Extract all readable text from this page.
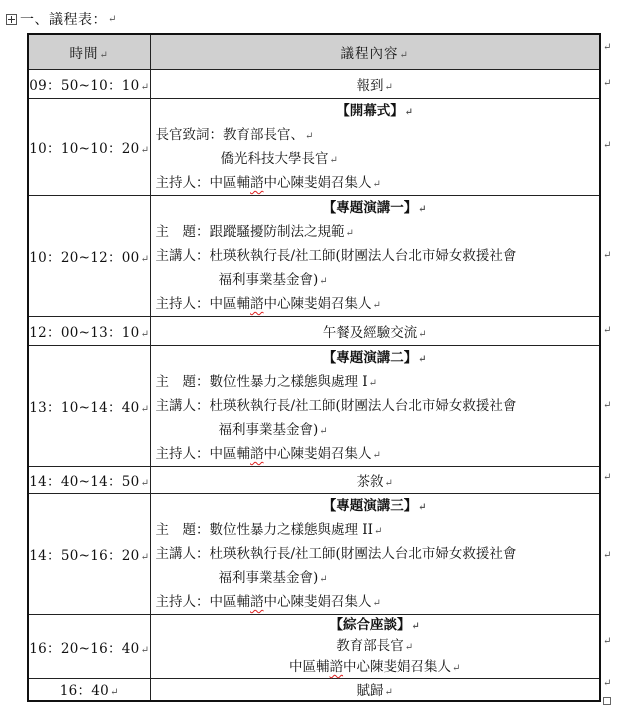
一、議程表： ↵
時間↵	議程內容↵
09：50~10：10↵	報到↵
10：10~10：20↵	【開幕式】↵
長官致詞：教育部長官、↵
僑光科技大學長官↵
主持人：中區輔諮中心陳斐娟召集人↵

10：20~12：00↵	【專題演講一】↵
主　題：跟蹤騷擾防制法之規範↵
主講人：杜瑛秋執行長/社工師(財團法人台北市婦女救援社會
福利事業基金會)↵
主持人：中區輔諮中心陳斐娟召集人↵

12：00~13：10↵	午餐及經驗交流↵
13：10~14：40↵	【專題演講二】↵
主　題：數位性暴力之樣態與處理 I↵
主講人：杜瑛秋執行長/社工師(財團法人台北市婦女救援社會
福利事業基金會)↵
主持人：中區輔諮中心陳斐娟召集人↵

14：40~14：50↵	茶敘↵
14：50~16：20↵	【專題演講三】↵
主　題：數位性暴力之樣態與處理 II↵
主講人：杜瑛秋執行長/社工師(財團法人台北市婦女救援社會
福利事業基金會)↵
主持人：中區輔諮中心陳斐娟召集人↵

16：20~16：40↵	【綜合座談】↵
教育部長官↵
中區輔諮中心陳斐娟召集人↵

16：40↵	賦歸↵
↵
↵
↵
↵
↵
↵
↵
↵
↵
↵
